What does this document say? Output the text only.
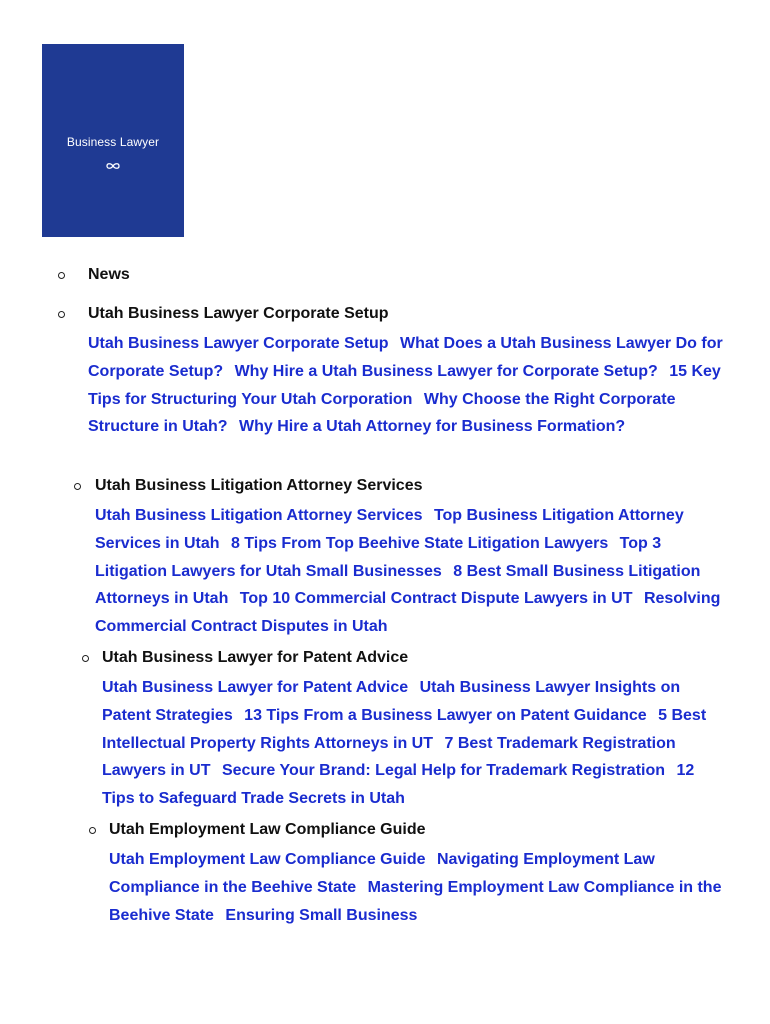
Business Lawyer
News
Utah Business Lawyer Corporate Setup
Utah Business Lawyer Corporate Setup What Does a Utah Business Lawyer Do for Corporate Setup? Why Hire a Utah Business Lawyer for Corporate Setup? 15 Key Tips for Structuring Your Utah Corporation Why Choose the Right Corporate Structure in Utah? Why Hire a Utah Attorney for Business Formation?
Utah Business Litigation Attorney Services
Utah Business Litigation Attorney Services Top Business Litigation Attorney Services in Utah 8 Tips From Top Beehive State Litigation Lawyers Top 3 Litigation Lawyers for Utah Small Businesses 8 Best Small Business Litigation Attorneys in Utah Top 10 Commercial Contract Dispute Lawyers in UT Resolving Commercial Contract Disputes in Utah
Utah Business Lawyer for Patent Advice
Utah Business Lawyer for Patent Advice Utah Business Lawyer Insights on Patent Strategies 13 Tips From a Business Lawyer on Patent Guidance 5 Best Intellectual Property Rights Attorneys in UT 7 Best Trademark Registration Lawyers in UT Secure Your Brand: Legal Help for Trademark Registration 12 Tips to Safeguard Trade Secrets in Utah
Utah Employment Law Compliance Guide
Utah Employment Law Compliance Guide Navigating Employment Law Compliance in the Beehive State Mastering Employment Law Compliance in the Beehive State Ensuring Small Business
